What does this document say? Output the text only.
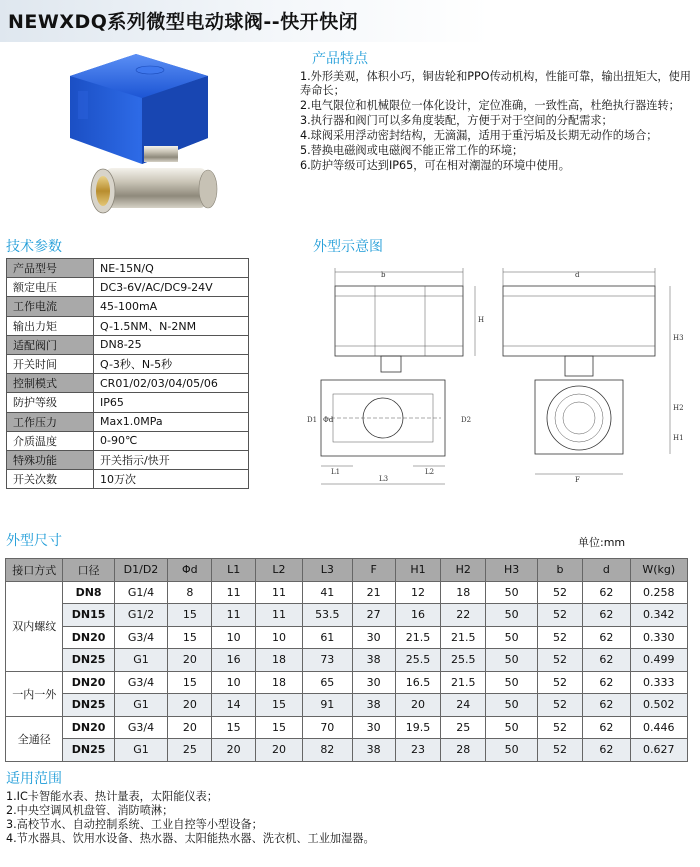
NEWXDQ系列微型电动球阀--快开快闭
产品特点
1.外形美观，体积小巧，铜齿轮和PPO传动机构，性能可靠，输出扭矩大，使用寿命长；
2.电气限位和机械限位一体化设计，定位准确，一致性高，杜绝执行器连转；
3.执行器和阀门可以多角度装配，方便于对于空间的分配需求；
4.球阀采用浮动密封结构，无滴漏，适用于重污垢及长期无动作的场合；
5.替换电磁阀或电磁阀不能正常工作的环境；
6.防护等级可达到IP65，可在相对潮湿的环境中使用。
技术参数
产品型号	NE-15N/Q
额定电压	DC3-6V/AC/DC9-24V
工作电流	45-100mA
输出力矩	Q-1.5NM、N-2NM
适配阀门	DN8-25
开关时间	Q-3秒、N-5秒
控制模式	CR01/02/03/04/05/06
防护等级	IP65
工作压力	Max1.0MPa
介质温度	0-90℃
特殊功能	开关指示/快开
开关次数	10万次
外型示意图
b
H
D1 Φd	D2
L1	L2
L3
d
H3
H2
H1
F
外型尺寸	单位:mm
接口方式	口径	D1/D2	Φd	L1	L2	L3	F	H1	H2	H3	b	d	W(kg)
双内螺纹	DN8	G1/4	8	11	11	41	21	12	18	50	52	62	0.258
	DN15	G1/2	15	11	11	53.5	27	16	22	50	52	62	0.342
	DN20	G3/4	15	10	10	61	30	21.5	21.5	50	52	62	0.330
	DN25	G1	20	16	18	73	38	25.5	25.5	50	52	62	0.499
一内一外	DN20	G3/4	15	10	18	65	30	16.5	21.5	50	52	62	0.333
	DN25	G1	20	14	15	91	38	20	24	50	52	62	0.502
全通径	DN20	G3/4	20	15	15	70	30	19.5	25	50	52	62	0.446
	DN25	G1	25	20	20	82	38	23	28	50	52	62	0.627
适用范围
1.IC卡智能水表、热计量表，太阳能仪表；
2.中央空调风机盘管、消防喷淋；
3.高校节水、自动控制系统、工业自控等小型设备；
4.节水器具、饮用水设备、热水器、太阳能热水器、洗衣机、工业加湿器。
